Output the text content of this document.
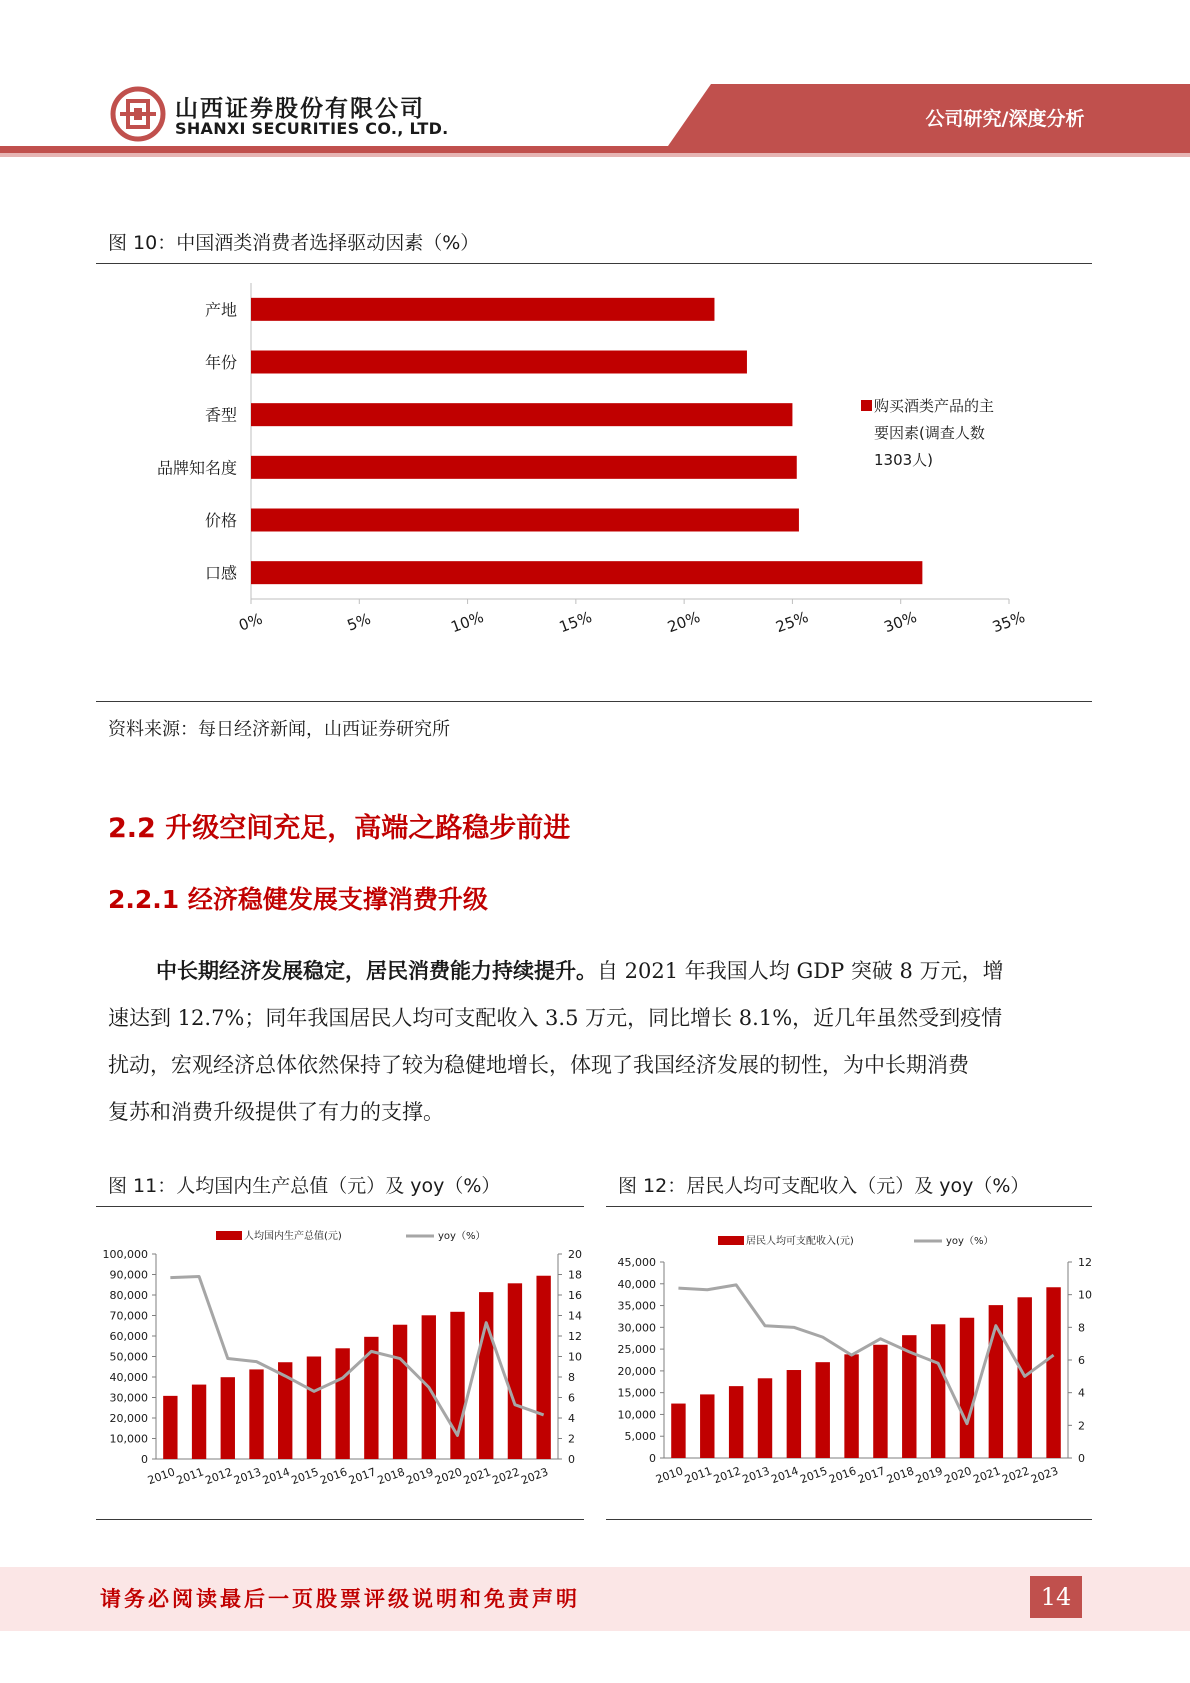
山西证券股份有限公司
SHANXI SECURITIES CO., LTD.	公司研究/深度分析
图 10：中国酒类消费者选择驱动因素（%）
产地
年份
香型
品牌知名度
价格
口感
0%	5%	10%	15%	20%	25%	30%	35%
购买酒类产品的主
要因素(调查人数
1303人)
资料来源：每日经济新闻，山西证券研究所
2.2 升级空间充足，高端之路稳步前进
2.2.1 经济稳健发展支撑消费升级
中长期经济发展稳定，居民消费能力持续提升。自 2021 年我国人均 GDP 突破 8 万元，增
速达到 12.7%；同年我国居民人均可支配收入 3.5 万元，同比增长 8.1%，近几年虽然受到疫情
扰动，宏观经济总体依然保持了较为稳健地增长，体现了我国经济发展的韧性，为中长期消费
复苏和消费升级提供了有力的支撑。
图 11：人均国内生产总值（元）及 yoy（%）
0
10,000
20,000
30,000
40,000
50,000
60,000
70,000
80,000
90,000
100,000
0
2
4
6
8
10
12
14
16
18
20
2010
2011
2012
2013
2014
2015
2016
2017
2018
2019
2020
2021
2022
2023
人均国内生产总值(元)	yoy（%）
图 12：居民人均可支配收入（元）及 yoy（%）
0
5,000
10,000
15,000
20,000
25,000
30,000
35,000
40,000
45,000
0
2
4
6
8
10
12
2010
2011
2012
2013
2014
2015
2016
2017
2018
2019
2020
2021
2022
2023
居民人均可支配收入(元)	yoy（%）
请务必阅读最后一页股票评级说明和免责声明	14
